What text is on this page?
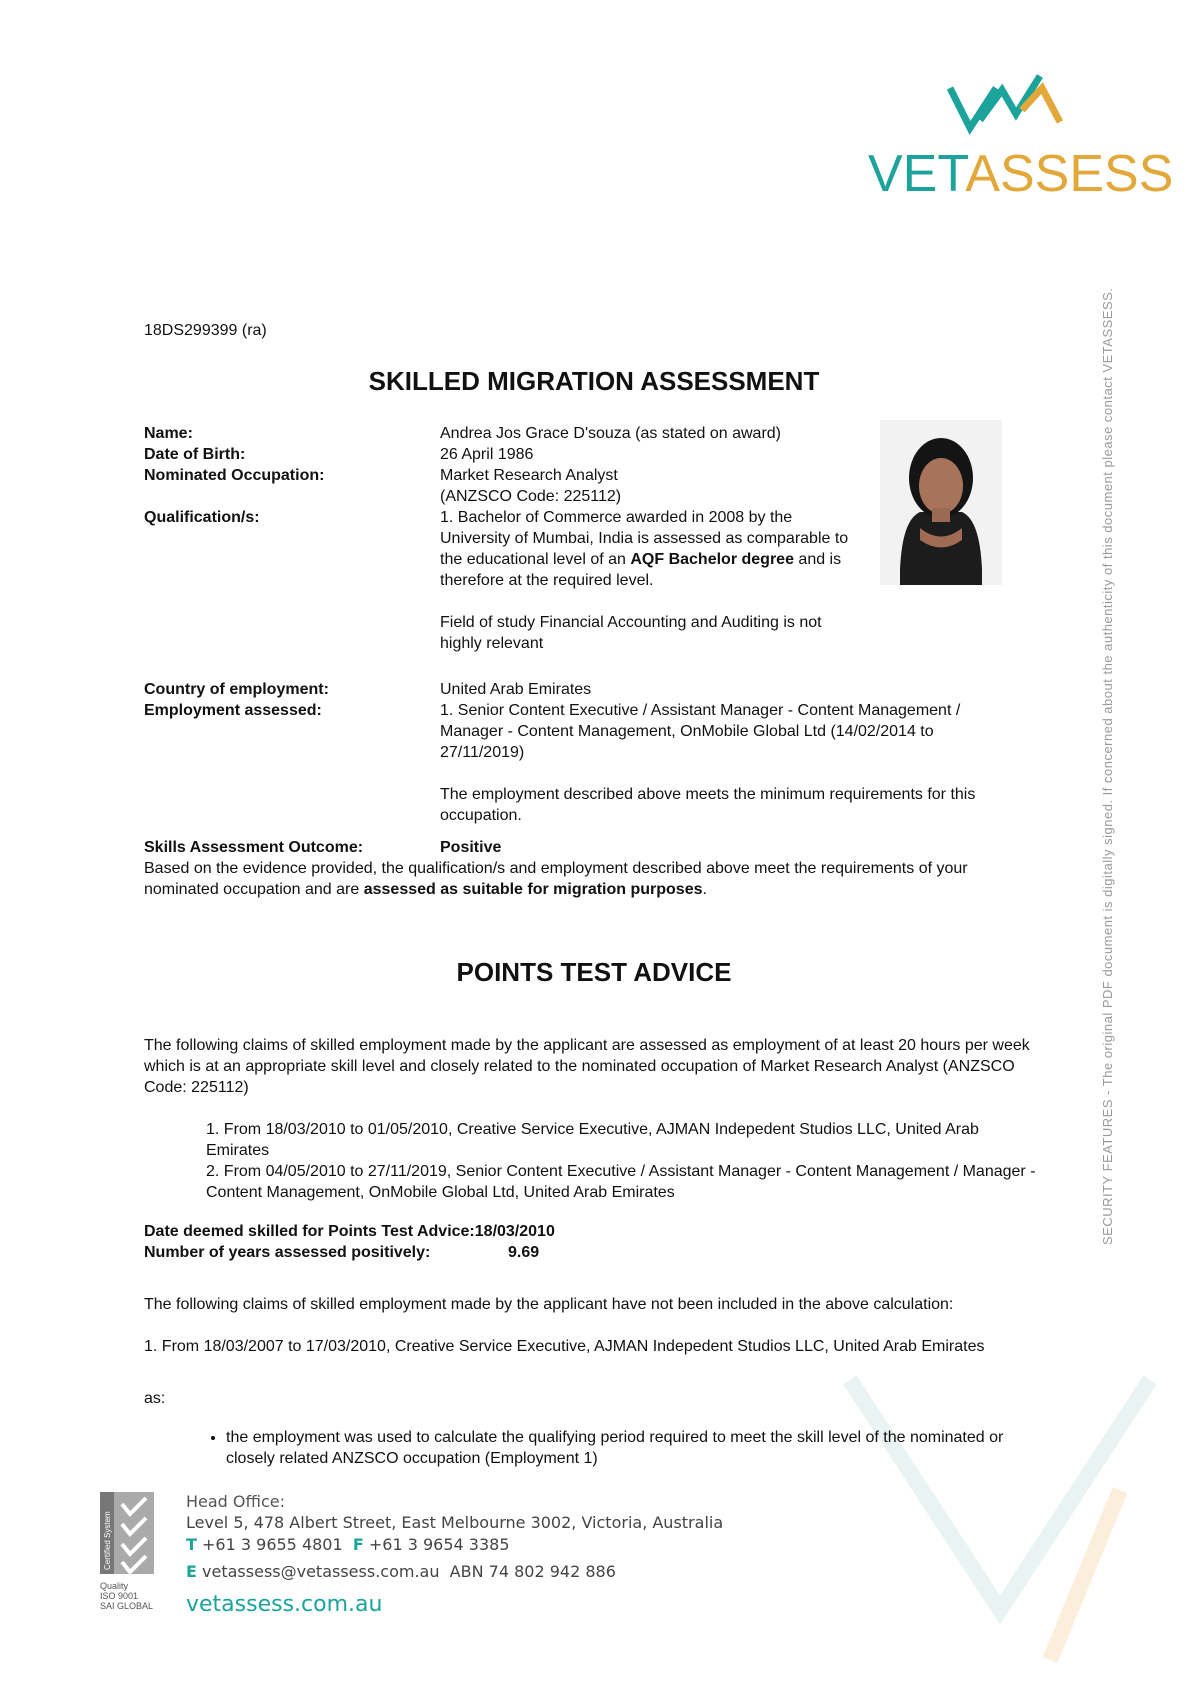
VETASSESS
SECURITY FEATURES - The original PDF document is digitally signed. If concerned about the authenticity of this document please contact VETASSESS.
18DS299399 (ra)
SKILLED MIGRATION ASSESSMENT
Name:	Andrea Jos Grace D'souza (as stated on award)
Date of Birth:	26 April 1986
Nominated Occupation:	Market Research Analyst
(ANZSCO Code: 225112)
Qualification/s:	1. Bachelor of Commerce awarded in 2008 by the University of Mumbai, India is assessed as comparable to the educational level of an AQF Bachelor degree and is therefore at the required level.
Field of study Financial Accounting and Auditing is not highly relevant
Country of employment:	United Arab Emirates
Employment assessed:	1. Senior Content Executive / Assistant Manager - Content Management / Manager - Content Management, OnMobile Global Ltd (14/02/2014 to 27/11/2019)
The employment described above meets the minimum requirements for this occupation.
Skills Assessment Outcome:	Positive
Based on the evidence provided, the qualification/s and employment described above meet the requirements of your nominated occupation and are assessed as suitable for migration purposes.
POINTS TEST ADVICE
The following claims of skilled employment made by the applicant are assessed as employment of at least 20 hours per week which is at an appropriate skill level and closely related to the nominated occupation of Market Research Analyst (ANZSCO Code: 225112)
1. From 18/03/2010 to 01/05/2010, Creative Service Executive, AJMAN Indepedent Studios LLC, United Arab Emirates
2. From 04/05/2010 to 27/11/2019, Senior Content Executive / Assistant Manager - Content Management / Manager - Content Management, OnMobile Global Ltd, United Arab Emirates
Date deemed skilled for Points Test Advice:18/03/2010
Number of years assessed positively:	9.69
The following claims of skilled employment made by the applicant have not been included in the above calculation:
1. From 18/03/2007 to 17/03/2010, Creative Service Executive, AJMAN Indepedent Studios LLC, United Arab Emirates
as:
• the employment was used to calculate the qualifying period required to meet the skill level of the nominated or closely related ANZSCO occupation (Employment 1)
Certified System
Quality
ISO 9001
SAI GLOBAL
Head Office:
Level 5, 478 Albert Street, East Melbourne 3002, Victoria, Australia
T +61 3 9655 4801 F +61 3 9654 3385
E vetassess@vetassess.com.au ABN 74 802 942 886
vetassess.com.au
